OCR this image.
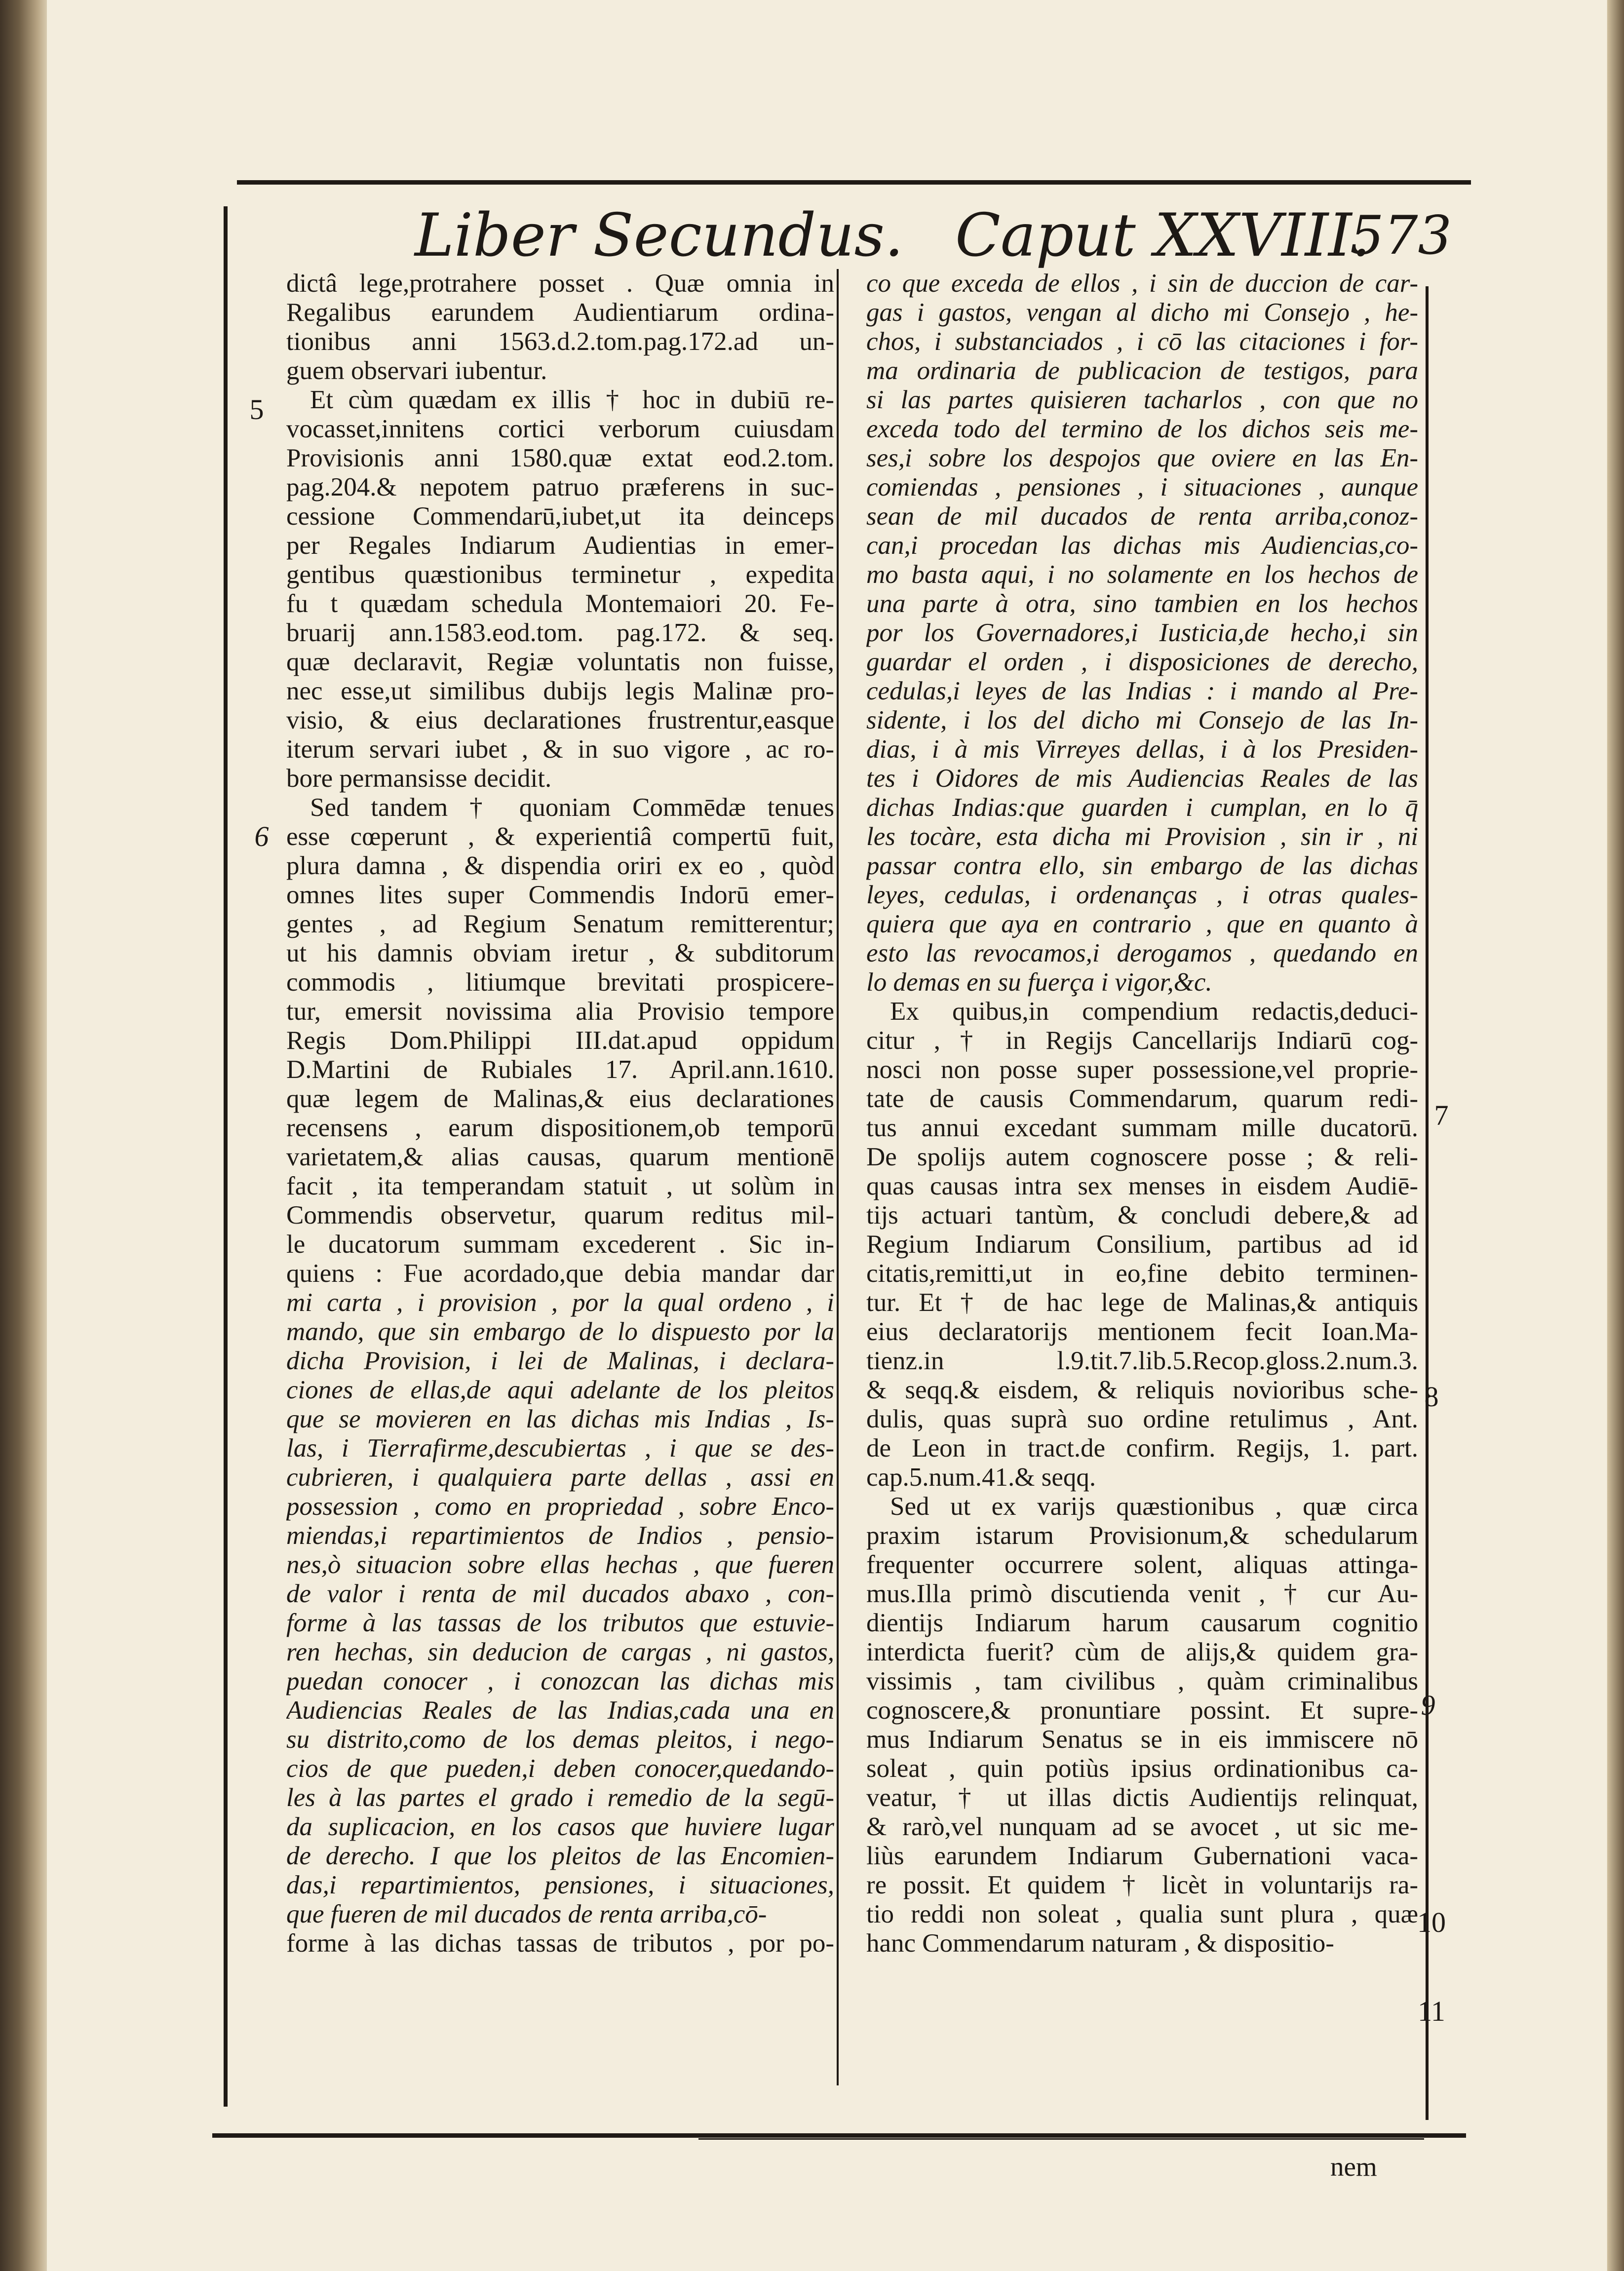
Liber Secundus. Caput XXVIII.
573
5
6
7
8
9
10
11
dictâ lege,protrahere posset . Quæ omnia in
Regalibus earundem Audientiarum ordina-
tionibus anni 1563.d.2.tom.pag.172.ad un-
guem observari iubentur.
Et cùm quædam ex illis † hoc in dubiū re-
vocasset,innitens cortici verborum cuiusdam
Provisionis anni 1580.quæ extat eod.2.tom.
pag.204.& nepotem patruo præferens in suc-
cessione Commendarū,iubet,ut ita deinceps
per Regales Indiarum Audientias in emer-
gentibus quæstionibus terminetur , expedita
fu t quædam schedula Montemaiori 20. Fe-
bruarij ann.1583.eod.tom. pag.172. & seq.
quæ declaravit, Regiæ voluntatis non fuisse,
nec esse,ut similibus dubijs legis Malinæ pro-
visio, & eius declarationes frustrentur,easque
iterum servari iubet , & in suo vigore , ac ro-
bore permansisse decidit.
Sed tandem † quoniam Commēdæ tenues
esse cœperunt , & experientiâ compertū fuit,
plura damna , & dispendia oriri ex eo , quòd
omnes lites super Commendis Indorū emer-
gentes , ad Regium Senatum remitterentur;
ut his damnis obviam iretur , & subditorum
commodis , litiumque brevitati prospicere-
tur, emersit novissima alia Provisio tempore
Regis Dom.Philippi III.dat.apud oppidum
D.Martini de Rubiales 17. April.ann.1610.
quæ legem de Malinas,& eius declarationes
recensens , earum dispositionem,ob temporū
varietatem,& alias causas, quarum mentionē
facit , ita temperandam statuit , ut solùm in
Commendis observetur, quarum reditus mil-
le ducatorum summam excederent . Sic in-
quiens : Fue acordado,que debia mandar dar
mi carta , i provision , por la qual ordeno , i
mando, que sin embargo de lo dispuesto por la
dicha Provision, i lei de Malinas, i declara-
ciones de ellas,de aqui adelante de los pleitos
que se movieren en las dichas mis Indias , Is-
las, i Tierrafirme,descubiertas , i que se des-
cubrieren, i qualquiera parte dellas , assi en
possession , como en propriedad , sobre Enco-
miendas,i repartimientos de Indios , pensio-
nes,ò situacion sobre ellas hechas , que fueren
de valor i renta de mil ducados abaxo , con-
forme à las tassas de los tributos que estuvie-
ren hechas, sin deducion de cargas , ni gastos,
puedan conocer , i conozcan las dichas mis
Audiencias Reales de las Indias,cada una en
su distrito,como de los demas pleitos, i nego-
cios de que pueden,i deben conocer,quedando-
les à las partes el grado i remedio de la segū-
da suplicacion, en los casos que huviere lugar
de derecho. I que los pleitos de las Encomien-
das,i repartimientos, pensiones, i situaciones,
que fueren de mil ducados de renta arriba,cō-
forme à las dichas tassas de tributos , por po-
co que exceda de ellos , i sin de duccion de car-
gas i gastos, vengan al dicho mi Consejo , he-
chos, i substanciados , i cō las citaciones i for-
ma ordinaria de publicacion de testigos, para
si las partes quisieren tacharlos , con que no
exceda todo del termino de los dichos seis me-
ses,i sobre los despojos que oviere en las En-
comiendas , pensiones , i situaciones , aunque
sean de mil ducados de renta arriba,conoz-
can,i procedan las dichas mis Audiencias,co-
mo basta aqui, i no solamente en los hechos de
una parte à otra, sino tambien en los hechos
por los Governadores,i Iusticia,de hecho,i sin
guardar el orden , i disposiciones de derecho,
cedulas,i leyes de las Indias : i mando al Pre-
sidente, i los del dicho mi Consejo de las In-
dias, i à mis Virreyes dellas, i à los Presiden-
tes i Oidores de mis Audiencias Reales de las
dichas Indias:que guarden i cumplan, en lo q̄
les tocàre, esta dicha mi Provision , sin ir , ni
passar contra ello, sin embargo de las dichas
leyes, cedulas, i ordenanças , i otras quales-
quiera que aya en contrario , que en quanto à
esto las revocamos,i derogamos , quedando en
lo demas en su fuerça i vigor,&c.
Ex quibus,in compendium redactis,deduci-
citur , † in Regijs Cancellarijs Indiarū cog-
nosci non posse super possessione,vel proprie-
tate de causis Commendarum, quarum redi-
tus annui excedant summam mille ducatorū.
De spolijs autem cognoscere posse ; & reli-
quas causas intra sex menses in eisdem Audiē-
tijs actuari tantùm, & concludi debere,& ad
Regium Indiarum Consilium, partibus ad id
citatis,remitti,ut in eo,fine debito terminen-
tur. Et † de hac lege de Malinas,& antiquis
eius declaratorijs mentionem fecit Ioan.Ma-
tienz.in l.9.tit.7.lib.5.Recop.gloss.2.num.3.
& seqq.& eisdem, & reliquis novioribus sche-
dulis, quas suprà suo ordine retulimus , Ant.
de Leon in tract.de confirm. Regijs, 1. part.
cap.5.num.41.& seqq.
Sed ut ex varijs quæstionibus , quæ circa
praxim istarum Provisionum,& schedularum
frequenter occurrere solent, aliquas attinga-
mus.Illa primò discutienda venit , † cur Au-
dientijs Indiarum harum causarum cognitio
interdicta fuerit? cùm de alijs,& quidem gra-
vissimis , tam civilibus , quàm criminalibus
cognoscere,& pronuntiare possint. Et supre-
mus Indiarum Senatus se in eis immiscere nō
soleat , quin potiùs ipsius ordinationibus ca-
veatur, † ut illas dictis Audientijs relinquat,
& rarò,vel nunquam ad se avocet , ut sic me-
liùs earundem Indiarum Gubernationi vaca-
re possit. Et quidem † licèt in voluntarijs ra-
tio reddi non soleat , qualia sunt plura , quæ
hanc Commendarum naturam , & dispositio-
nem
